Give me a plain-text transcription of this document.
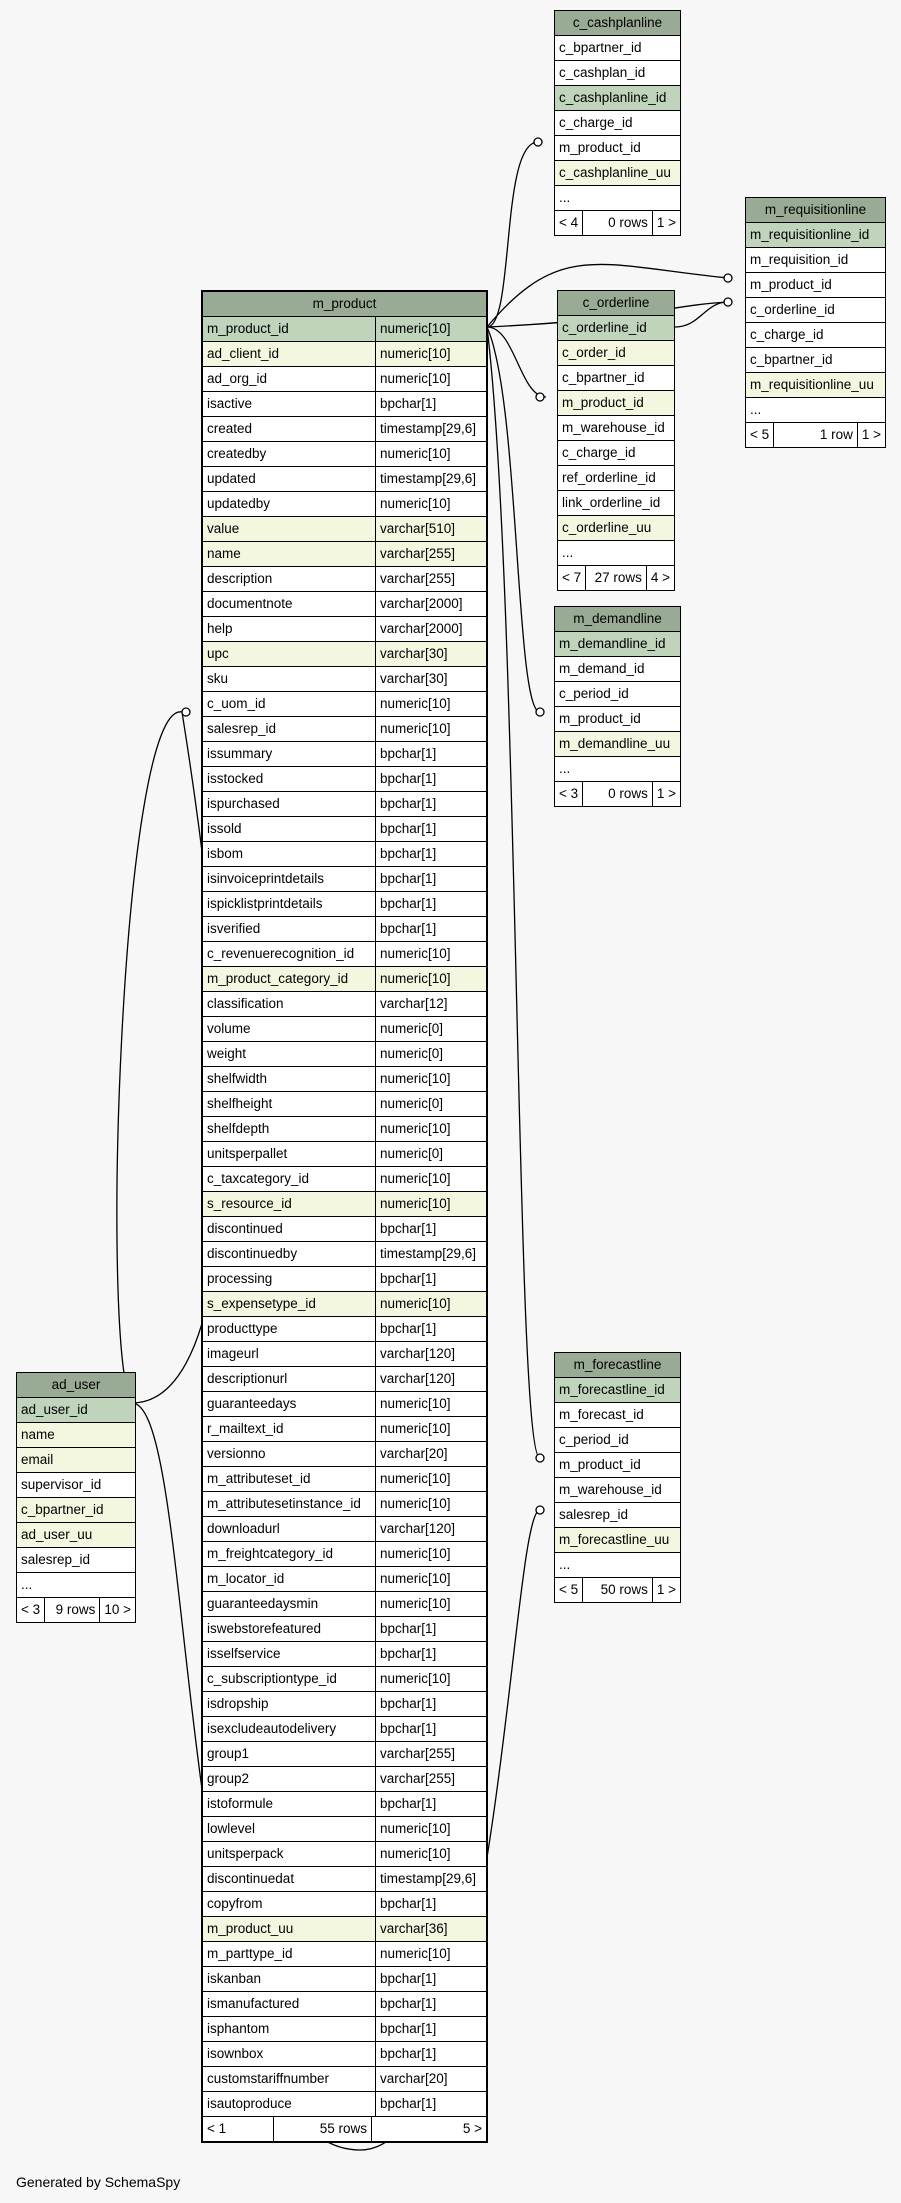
m_product
m_product_id	numeric[10]
ad_client_id	numeric[10]
ad_org_id	numeric[10]
isactive	bpchar[1]
created	timestamp[29,6]
createdby	numeric[10]
updated	timestamp[29,6]
updatedby	numeric[10]
value	varchar[510]
name	varchar[255]
description	varchar[255]
documentnote	varchar[2000]
help	varchar[2000]
upc	varchar[30]
sku	varchar[30]
c_uom_id	numeric[10]
salesrep_id	numeric[10]
issummary	bpchar[1]
isstocked	bpchar[1]
ispurchased	bpchar[1]
issold	bpchar[1]
isbom	bpchar[1]
isinvoiceprintdetails	bpchar[1]
ispicklistprintdetails	bpchar[1]
isverified	bpchar[1]
c_revenuerecognition_id	numeric[10]
m_product_category_id	numeric[10]
classification	varchar[12]
volume	numeric[0]
weight	numeric[0]
shelfwidth	numeric[10]
shelfheight	numeric[0]
shelfdepth	numeric[10]
unitsperpallet	numeric[0]
c_taxcategory_id	numeric[10]
s_resource_id	numeric[10]
discontinued	bpchar[1]
discontinuedby	timestamp[29,6]
processing	bpchar[1]
s_expensetype_id	numeric[10]
producttype	bpchar[1]
imageurl	varchar[120]
descriptionurl	varchar[120]
guaranteedays	numeric[10]
r_mailtext_id	numeric[10]
versionno	varchar[20]
m_attributeset_id	numeric[10]
m_attributesetinstance_id	numeric[10]
downloadurl	varchar[120]
m_freightcategory_id	numeric[10]
m_locator_id	numeric[10]
guaranteedaysmin	numeric[10]
iswebstorefeatured	bpchar[1]
isselfservice	bpchar[1]
c_subscriptiontype_id	numeric[10]
isdropship	bpchar[1]
isexcludeautodelivery	bpchar[1]
group1	varchar[255]
group2	varchar[255]
istoformule	bpchar[1]
lowlevel	numeric[10]
unitsperpack	numeric[10]
discontinuedat	timestamp[29,6]
copyfrom	bpchar[1]
m_product_uu	varchar[36]
m_parttype_id	numeric[10]
iskanban	bpchar[1]
ismanufactured	bpchar[1]
isphantom	bpchar[1]
isownbox	bpchar[1]
customstariffnumber	varchar[20]
isautoproduce	bpchar[1]
< 1	55 rows	5 >
c_cashplanline
c_bpartner_id
c_cashplan_id
c_cashplanline_id
c_charge_id
m_product_id
c_cashplanline_uu
...
< 4	0 rows 1 >
m_requisitionline
m_requisitionline_id
m_requisition_id
m_product_id
c_orderline_id
c_charge_id
c_bpartner_id
m_requisitionline_uu
...
< 5	1 row 1 >
c_orderline
c_orderline_id
c_order_id
c_bpartner_id
m_product_id
m_warehouse_id
c_charge_id
ref_orderline_id
link_orderline_id
c_orderline_uu
...
< 7 27 rows 4 >
m_demandline
m_demandline_id
m_demand_id
c_period_id
m_product_id
m_demandline_uu
...
< 3	0 rows 1 >
ad_user
ad_user_id
name
email
supervisor_id
c_bpartner_id
ad_user_uu
salesrep_id
...
< 3	9 rows 10 >
m_forecastline
m_forecastline_id
m_forecast_id
c_period_id
m_product_id
m_warehouse_id
salesrep_id
m_forecastline_uu
...
< 5	50 rows 1 >
Generated by SchemaSpy
